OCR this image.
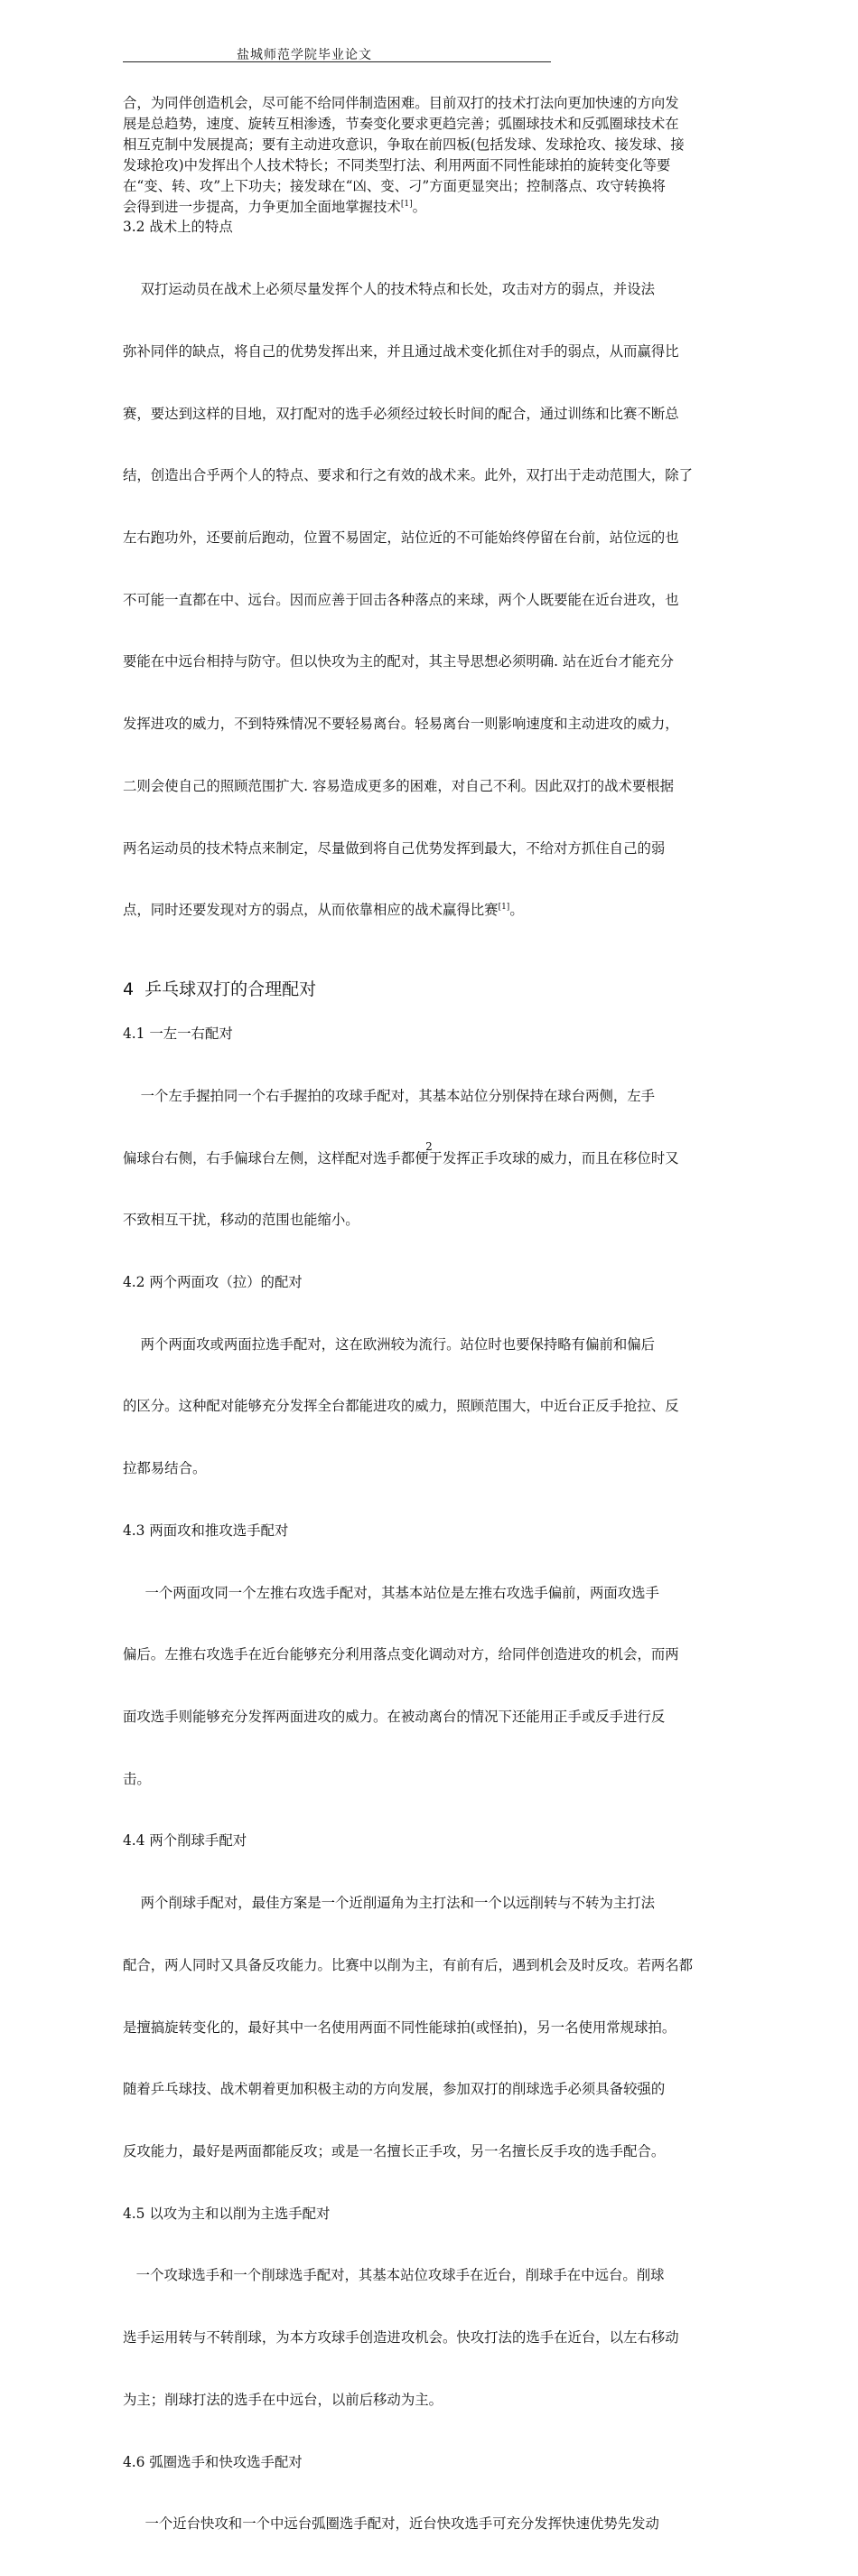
盐城师范学院毕业论文
合，为同伴创造机会，尽可能不给同伴制造困难。目前双打的技术打法向更加快速的方向发
展是总趋势，速度、旋转互相渗透，节奏变化要求更趋完善；弧圈球技术和反弧圈球技术在
相互克制中发展提高；要有主动进攻意识，争取在前四板(包括发球、发球抢攻、接发球、接
发球抢攻)中发挥出个人技术特长；不同类型打法、利用两面不同性能球拍的旋转变化等要
在“变、转、攻”上下功夫；接发球在“凶、变、刁”方面更显突出；控制落点、攻守转换将
会得到进一步提高，力争更加全面地掌握技术[1]。
3.2 战术上的特点

双打运动员在战术上必须尽量发挥个人的技术特点和长处，攻击对方的弱点，并设法

弥补同伴的缺点，将自己的优势发挥出来，并且通过战术变化抓住对手的弱点，从而赢得比

赛，要达到这样的目地，双打配对的选手必须经过较长时间的配合，通过训练和比赛不断总

结，创造出合乎两个人的特点、要求和行之有效的战术来。此外，双打出于走动范围大，除了

左右跑功外，还要前后跑动，位置不易固定，站位近的不可能始终停留在台前，站位远的也

不可能一直都在中、远台。因而应善于回击各种落点的来球，两个人既要能在近台进攻，也

要能在中远台相持与防守。但以快攻为主的配对，其主导思想必须明确. 站在近台才能充分

发挥进攻的威力，不到特殊情况不要轻易离台。轻易离台一则影响速度和主动进攻的威力，

二则会使自己的照顾范围扩大. 容易造成更多的困难，对自己不利。因此双打的战术要根据

两名运动员的技术特点来制定，尽量做到将自己优势发挥到最大，不给对方抓住自己的弱

点，同时还要发现对方的弱点，从而依靠相应的战术赢得比赛[1]。

4  乒乓球双打的合理配对
4.1 一左一右配对

一个左手握拍同一个右手握拍的攻球手配对，其基本站位分别保持在球台两侧，左手

偏球台右侧，右手偏球台左侧，这样配对选手都便于发挥正手攻球的威力，而且在移位时又

不致相互干扰，移动的范围也能缩小。

4.2 两个两面攻（拉）的配对

两个两面攻或两面拉选手配对，这在欧洲较为流行。站位时也要保持略有偏前和偏后

的区分。这种配对能够充分发挥全台都能进攻的威力，照顾范围大，中近台正反手抢拉、反

拉都易结合。

4.3 两面攻和推攻选手配对

一个两面攻同一个左推右攻选手配对，其基本站位是左推右攻选手偏前，两面攻选手

偏后。左推右攻选手在近台能够充分利用落点变化调动对方，给同伴创造进攻的机会，而两

面攻选手则能够充分发挥两面进攻的威力。在被动离台的情况下还能用正手或反手进行反

击。

4.4 两个削球手配对

两个削球手配对，最佳方案是一个近削逼角为主打法和一个以远削转与不转为主打法

配合，两人同时又具备反攻能力。比赛中以削为主，有前有后，遇到机会及时反攻。若两名都

是擅搞旋转变化的，最好其中一名使用两面不同性能球拍(或怪拍)，另一名使用常规球拍。

随着乒乓球技、战术朝着更加积极主动的方向发展，参加双打的削球选手必须具备较强的

反攻能力，最好是两面都能反攻；或是一名擅长正手攻，另一名擅长反手攻的选手配合。

4.5 以攻为主和以削为主选手配对

一个攻球选手和一个削球选手配对，其基本站位攻球手在近台，削球手在中远台。削球

选手运用转与不转削球，为本方攻球手创造进攻机会。快攻打法的选手在近台，以左右移动

为主；削球打法的选手在中远台，以前后移动为主。

4.6 弧圈选手和快攻选手配对

一个近台快攻和一个中远台弧圈选手配对，近台快攻选手可充分发挥快速优势先发动

2
